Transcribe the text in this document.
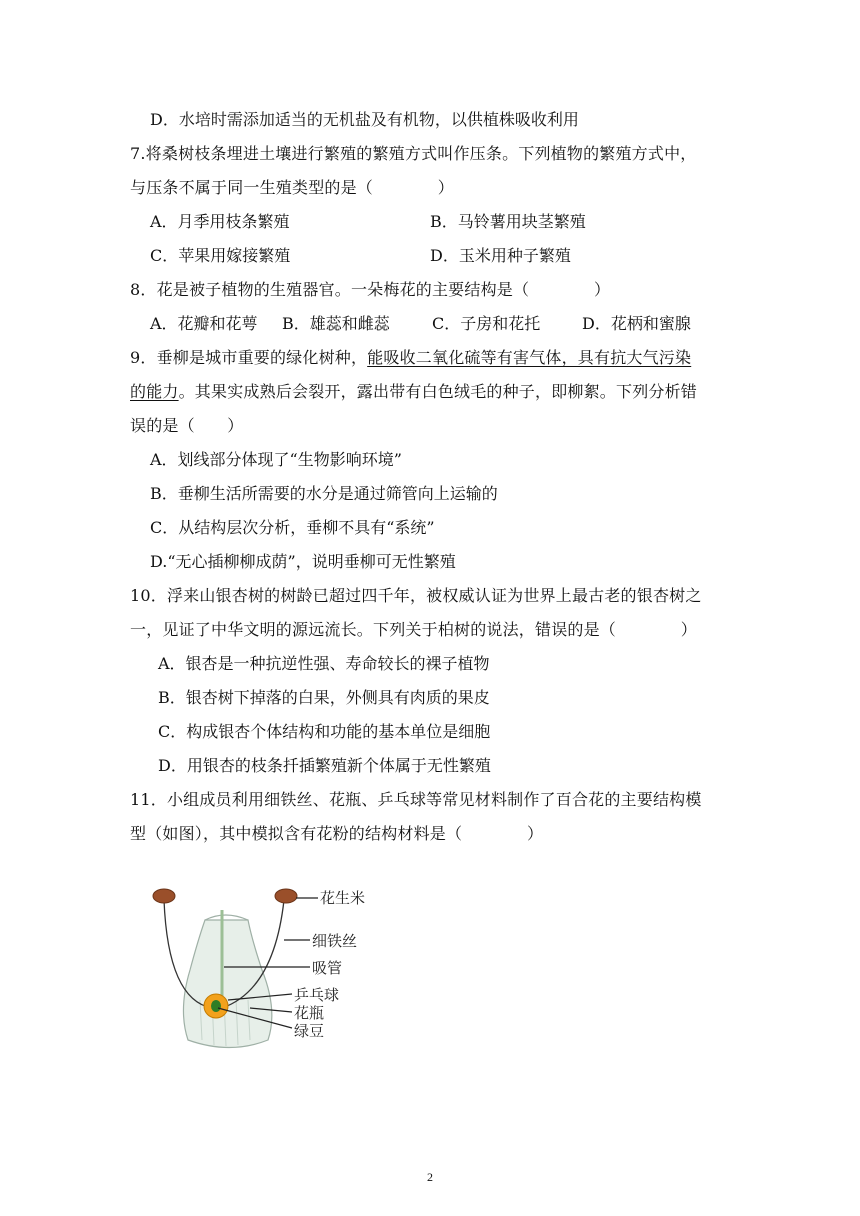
D．水培时需添加适当的无机盐及有机物，以供植株吸收利用
7.将桑树枝条埋进土壤进行繁殖的繁殖方式叫作压条。下列植物的繁殖方式中，
与压条不属于同一生殖类型的是（　　　　）
A．月季用枝条繁殖	B．马铃薯用块茎繁殖
C．苹果用嫁接繁殖	D．玉米用种子繁殖
8．花是被子植物的生殖器官。一朵梅花的主要结构是（　　　　）
A．花瓣和花萼 B．雄蕊和雌蕊	C．子房和花托	D．花柄和蜜腺
9．垂柳是城市重要的绿化树种，能吸收二氧化硫等有害气体，具有抗大气污染
的能力。其果实成熟后会裂开，露出带有白色绒毛的种子，即柳絮。下列分析错
误的是（　　）
A．划线部分体现了“生物影响环境”
B．垂柳生活所需要的水分是通过筛管向上运输的
C．从结构层次分析，垂柳不具有“系统”
D.“无心插柳柳成荫”，说明垂柳可无性繁殖
10．浮来山银杏树的树龄已超过四千年，被权威认证为世界上最古老的银杏树之
一，见证了中华文明的源远流长。下列关于柏树的说法，错误的是（　　　　）
A．银杏是一种抗逆性强、寿命较长的裸子植物
B．银杏树下掉落的白果，外侧具有肉质的果皮
C．构成银杏个体结构和功能的基本单位是细胞
D．用银杏的枝条扦插繁殖新个体属于无性繁殖
11．小组成员利用细铁丝、花瓶、乒乓球等常见材料制作了百合花的主要结构模
型（如图），其中模拟含有花粉的结构材料是（　　　　）
花生米
细铁丝
吸管
乒乓球
花瓶
绿豆
2
